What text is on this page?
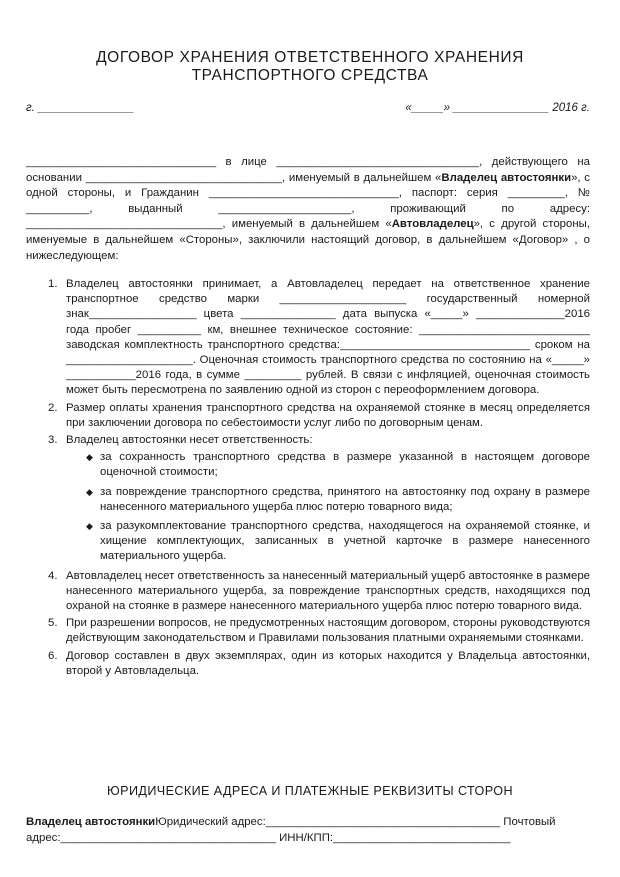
ДОГОВОР ХРАНЕНИЯ ОТВЕТСТВЕННОГО ХРАНЕНИЯ
ТРАНСПОРТНОГО СРЕДСТВА
г. _______________	«_____» _______________ 2016 г.
______________________________ в лице ________________________________, действующего на основании _______________________________, именуемый в дальнейшем «Владелец автостоянки», с одной стороны, и Гражданин ______________________________, паспорт: серия _________, № __________, выданный _____________________, проживающий по адресу: _______________________________, именуемый в дальнейшем «Автовладелец», с другой стороны, именуемые в дальнейшем «Стороны», заключили настоящий договор, в дальнейшем «Договор» , о нижеследующем:
1. Владелец автостоянки принимает, а Автовладелец передает на ответственное хранение транспортное средство марки ____________________ государственный номерной знак_________________ цвета _______________ дата выпуска «_____» ______________2016 года пробег __________ км, внешнее техническое состояние: ___________________________ заводская комплектность транспортного средства:______________________________ сроком на ____________________. Оценочная стоимость транспортного средства по состоянию на «_____» ___________2016 года, в сумме _________ рублей. В связи с инфляцией, оценочная стоимость может быть пересмотрена по заявлению одной из сторон с переоформлением договора.
2. Размер оплаты хранения транспортного средства на охраняемой стоянке в месяц определяется при заключении договора по себестоимости услуг либо по договорным ценам.
3. Владелец автостоянки несет ответственность:
◆ за сохранность транспортного средства в размере указанной в настоящем договоре оценочной стоимости;
◆ за повреждение транспортного средства, принятого на автостоянку под охрану в размере нанесенного материального ущерба плюс потерю товарного вида;
◆ за разукомплектование транспортного средства, находящегося на охраняемой стоянке, и хищение комплектующих, записанных в учетной карточке в размере нанесенного материального ущерба.
4. Автовладелец несет ответственность за нанесенный материальный ущерб автостоянке в размере нанесенного материального ущерба, за повреждение транспортных средств, находящихся под охраной на стоянке в размере нанесенного материального ущерба плюс потерю товарного вида.
5. При разрешении вопросов, не предусмотренных настоящим договором, стороны руководствуются действующим законодательством и Правилами пользования платными охраняемыми стоянками.
6. Договор составлен в двух экземплярах, один из которых находится у Владельца автостоянки, второй у Автовладельца.
ЮРИДИЧЕСКИЕ АДРЕСА И ПЛАТЕЖНЫЕ РЕКВИЗИТЫ СТОРОН
Владелец автостоянкиЮридический адрес:_____________________________________ Почтовый адрес:__________________________________ ИНН/КПП:____________________________
